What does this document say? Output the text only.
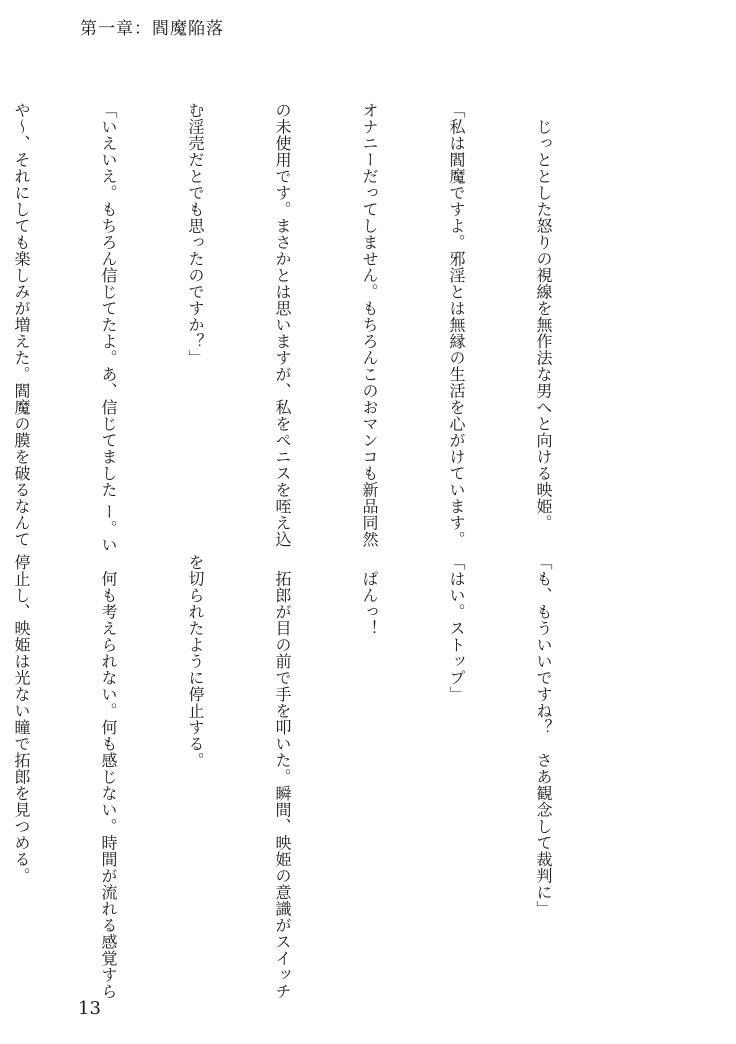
第一章：閻魔陥落

　じっととした怒りの視線を無作法な男へと向ける映姫。

「私は閻魔ですよ。邪淫とは無縁の生活を心がけています。

オナニーだってしません。もちろんこのおマンコも新品同然

の未使用です。まさかとは思いますが、私をペニスを咥え込

む淫売だとでも思ったのですか？」

「いえいえ。もちろん信じてたよ。あ、信じてました ー。い

や～、それにしても楽しみが増えた。閻魔の膜を破るなんて

「も、もういいですね？　さあ観念して裁判に」

「はい。ストップ」

　ぱんっ！

　拓郎が目の前で手を叩いた。瞬間、映姫の意識がスイッチ

を切られたように停止する。

　何も考えられない。何も感じない。時間が流れる感覚すら

停止し、映姫は光ない瞳で拓郎を見つめる。

13
